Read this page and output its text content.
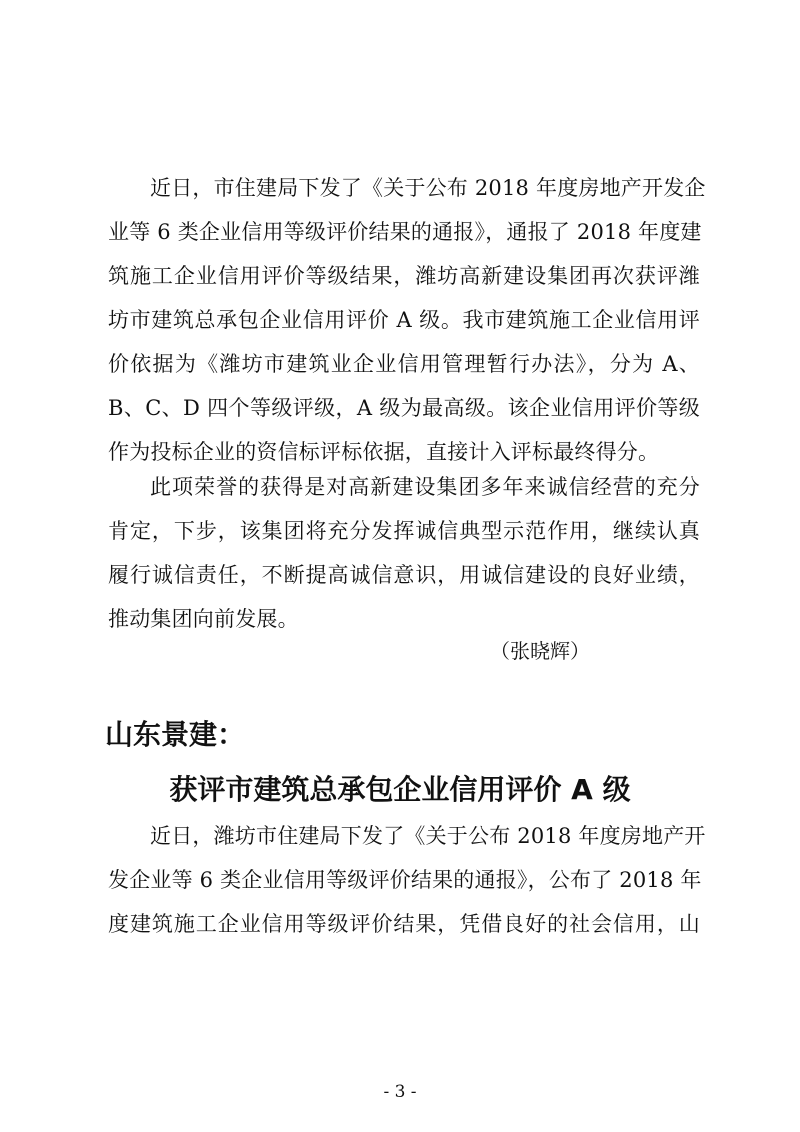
近日，市住建局下发了《关于公布 2018 年度房地产开发企
业等 6 类企业信用等级评价结果的通报》，通报了 2018 年度建
筑施工企业信用评价等级结果，潍坊高新建设集团再次获评潍
坊市建筑总承包企业信用评价 A 级。我市建筑施工企业信用评
价依据为《潍坊市建筑业企业信用管理暂行办法》，分为 A、
B、C、D 四个等级评级，A 级为最高级。该企业信用评价等级
作为投标企业的资信标评标依据，直接计入评标最终得分。
此项荣誉的获得是对高新建设集团多年来诚信经营的充分
肯定，下步，该集团将充分发挥诚信典型示范作用，继续认真
履行诚信责任，不断提高诚信意识，用诚信建设的良好业绩，
推动集团向前发展。
（张晓辉）
山东景建：
获评市建筑总承包企业信用评价 A 级
近日，潍坊市住建局下发了《关于公布 2018 年度房地产开
发企业等 6 类企业信用等级评价结果的通报》，公布了 2018 年
度建筑施工企业信用等级评价结果，凭借良好的社会信用，山
- 3 -
